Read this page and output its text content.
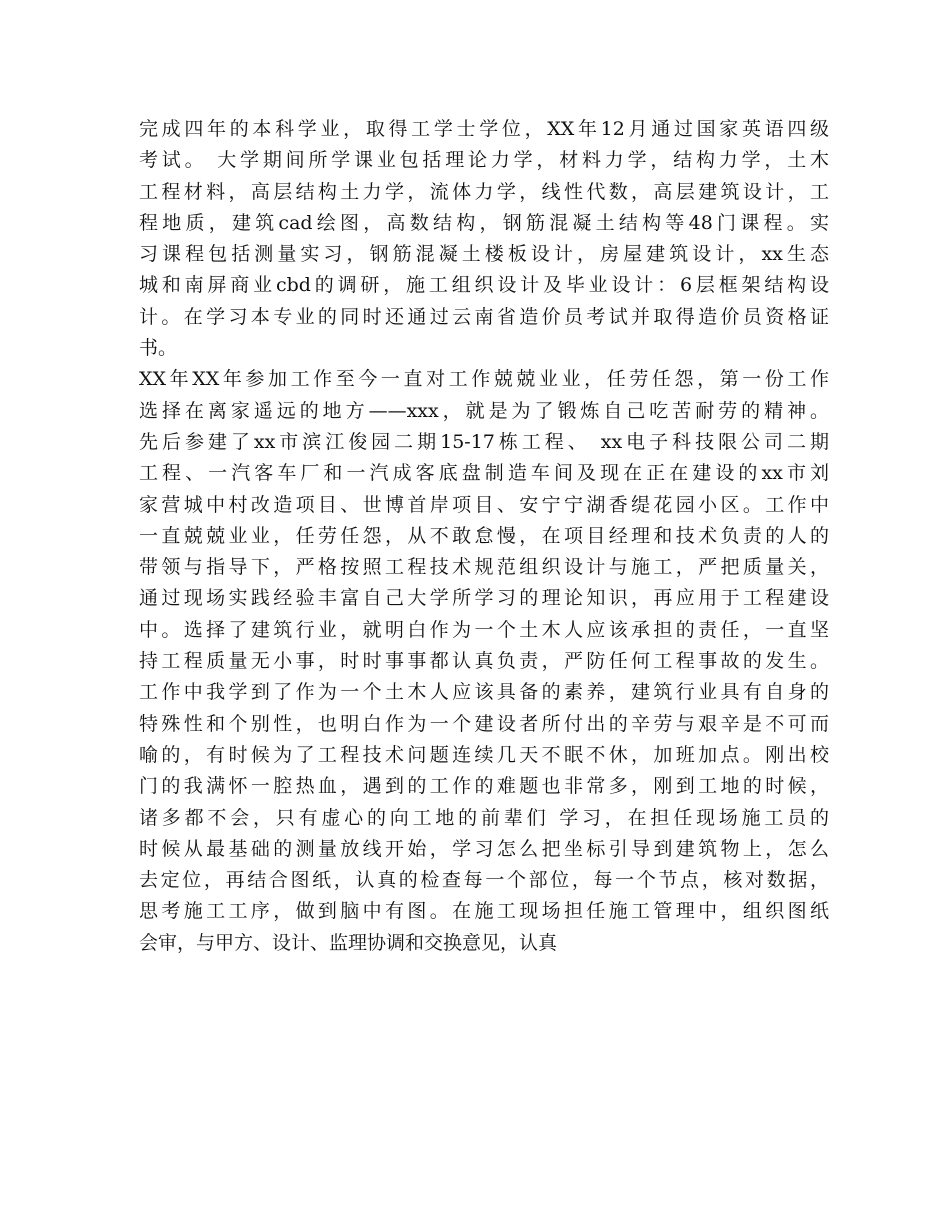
完成四年的本科学业，取得工学士学位，XX年12月通过国家英语四级
考试。 大学期间所学课业包括理论力学，材料力学，结构力学，土木
工程材料，高层结构土力学，流体力学，线性代数，高层建筑设计，工
程地质，建筑cad绘图，高数结构，钢筋混凝土结构等48门课程。实
习课程包括测量实习，钢筋混凝土楼板设计，房屋建筑设计，xx生态
城和南屏商业cbd的调研，施工组织设计及毕业设计：6层框架结构设
计。在学习本专业的同时还通过云南省造价员考试并取得造价员资格证
书。
XX年XX年参加工作至今一直对工作兢兢业业，任劳任怨，第一份工作
选择在离家遥远的地方——xxx，就是为了锻炼自己吃苦耐劳的精神。
先后参建了xx市滨江俊园二期15-17栋工程、 xx电子科技限公司二期
工程、一汽客车厂和一汽成客底盘制造车间及现在正在建设的xx市刘
家营城中村改造项目、世博首岸项目、安宁宁湖香缇花园小区。工作中
一直兢兢业业，任劳任怨，从不敢怠慢，在项目经理和技术负责的人的
带领与指导下，严格按照工程技术规范组织设计与施工，严把质量关，
通过现场实践经验丰富自己大学所学习的理论知识，再应用于工程建设
中。选择了建筑行业，就明白作为一个土木人应该承担的责任，一直坚
持工程质量无小事，时时事事都认真负责，严防任何工程事故的发生。
工作中我学到了作为一个土木人应该具备的素养，建筑行业具有自身的
特殊性和个别性，也明白作为一个建设者所付出的辛劳与艰辛是不可而
喻的，有时候为了工程技术问题连续几天不眠不休，加班加点。刚出校
门的我满怀一腔热血，遇到的工作的难题也非常多，刚到工地的时候，
诸多都不会，只有虚心的向工地的前辈们 学习，在担任现场施工员的
时候从最基础的测量放线开始，学习怎么把坐标引导到建筑物上，怎么
去定位，再结合图纸，认真的检查每一个部位，每一个节点，核对数据，
思考施工工序，做到脑中有图。在施工现场担任施工管理中，组织图纸
会审，与甲方、设计、监理协调和交换意见，认真
